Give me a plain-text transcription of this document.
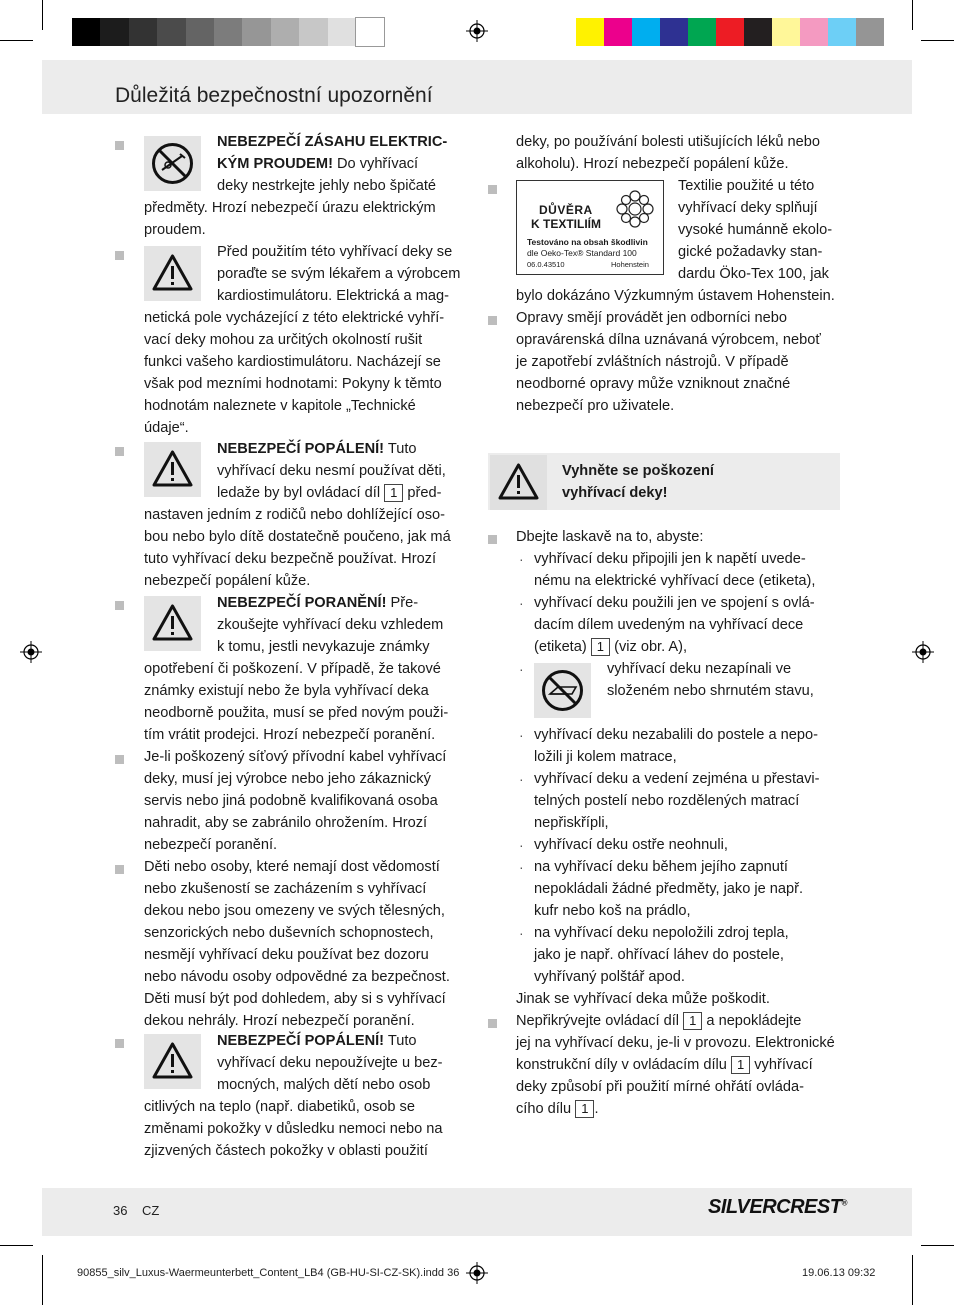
Důležitá bezpečnostní upozornění

NEBEZPEČÍ ZÁSAHU ELEKTRIC-

KÝM PROUDEM! Do vyhřívací

deky nestrkejte jehly nebo špičaté

předměty. Hrozí nebezpečí úrazu elektrickým

proudem.

Před použitím této vyhřívací deky se

poraďte se svým lékařem a výrobcem

kardiostimulátoru. Elektrická a mag-

netická pole vycházející z této elektrické vyhří-

vací deky mohou za určitých okolností rušit

funkci vašeho kardiostimulátoru. Nacházejí se

však pod mezními hodnotami: Pokyny k těmto

hodnotám naleznete v kapitole „Technické

údaje“.

NEBEZPEČÍ POPÁLENÍ! Tuto

vyhřívací deku nesmí používat děti,

ledaže by byl ovládací díl 1 před-

nastaven jedním z rodičů nebo dohlížející oso-

bou nebo bylo dítě dostatečně poučeno, jak má

tuto vyhřívací deku bezpečně používat. Hrozí

nebezpečí popálení kůže.

NEBEZPEČÍ PORANĚNÍ! Pře-

zkoušejte vyhřívací deku vzhledem

k tomu, jestli nevykazuje známky

opotřebení či poškození. V případě, že takové

známky existují nebo že byla vyhřívací deka

neodborně použita, musí se před novým použi-

tím vrátit prodejci. Hrozí nebezpečí poranění.

Je-li poškozený síťový přívodní kabel vyhřívací

deky, musí jej výrobce nebo jeho zákaznický

servis nebo jiná podobně kvalifikovaná osoba

nahradit, aby se zabránilo ohrožením. Hrozí

nebezpečí poranění.

Děti nebo osoby, které nemají dost vědomostí

nebo zkušeností se zacházením s vyhřívací

dekou nebo jsou omezeny ve svých tělesných,

senzorických nebo duševních schopnostech,

nesmějí vyhřívací deku používat bez dozoru

nebo návodu osoby odpovědné za bezpečnost.

Děti musí být pod dohledem, aby si s vyhřívací

dekou nehrály. Hrozí nebezpečí poranění.

NEBEZPEČÍ POPÁLENÍ! Tuto

vyhřívací deku nepoužívejte u bez-

mocných, malých dětí nebo osob

citlivých na teplo (např. diabetiků, osob se

změnami pokožky v důsledku nemoci nebo na

zjizvených částech pokožky v oblasti použití

deky, po používání bolesti utišujících léků nebo

alkoholu). Hrozí nebezpečí popálení kůže.

DŮVĚRA
K TEXTILIÍM
Testováno na obsah škodlivin
dle Oeko-Tex® Standard 100
06.0.43510	Hohenstein

Textilie použité u této

vyhřívací deky splňují

vysoké humánně ekolo-

gické požadavky stan-

dardu Öko-Tex 100, jak

bylo dokázáno Výzkumným ústavem Hohenstein.

Opravy smějí provádět jen odborníci nebo

opravárenská dílna uznávaná výrobcem, neboť

je zapotřebí zvláštních nástrojů. V případě

neodborné opravy může vzniknout značné

nebezpečí pro uživatele.

Vyhněte se poškození

vyhřívací deky!

Dbejte laskavě na to, abyste:

· vyhřívací deku připojili jen k napětí uvede-

nému na elektrické vyhřívací dece (etiketa),

· vyhřívací deku použili jen ve spojení s ovlá-

dacím dílem uvedeným na vyhřívací dece

(etiketa) 1 (viz obr. A),

·	vyhřívací deku nezapínali ve

složeném nebo shrnutém stavu,

· vyhřívací deku nezabalili do postele a nepo-

ložili ji kolem matrace,

· vyhřívací deku a vedení zejména u přestavi-

telných postelí nebo rozdělených matrací

nepřiskřípli,

· vyhřívací deku ostře neohnuli,

· na vyhřívací deku během jejího zapnutí

nepokládali žádné předměty, jako je např.

kufr nebo koš na prádlo,

· na vyhřívací deku nepoložili zdroj tepla,

jako je např. ohřívací láhev do postele,

vyhřívaný polštář apod.

Jinak se vyhřívací deka může poškodit.

Nepřikrývejte ovládací díl 1 a nepokládejte

jej na vyhřívací deku, je-li v provozu. Elektronické

konstrukční díly v ovládacím dílu 1 vyhřívací

deky způsobí při použití mírné ohřátí ovláda-

cího dílu 1 .

36 CZ	SILVERCREST®
90855_silv_Luxus-Waermeunterbett_Content_LB4 (GB-HU-SI-CZ-SK).indd 36	19.06.13 09:32
